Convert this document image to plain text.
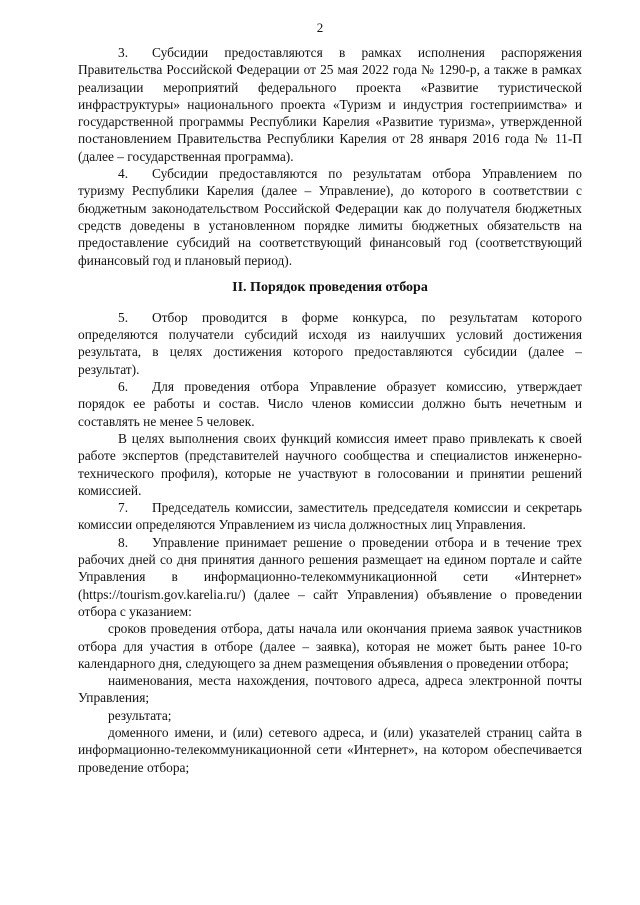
2

3. Субсидии предоставляются в рамках исполнения распоряжения Правительства Российской Федерации от 25 мая 2022 года № 1290-р, а также в рамках реализации мероприятий федерального проекта «Развитие туристической инфраструктуры» национального проекта «Туризм и индустрия гостеприимства» и государственной программы Республики Карелия «Развитие туризма», утвержденной постановлением Правительства Республики Карелия от 28 января 2016 года № 11-П (далее – государственная программа).

4. Субсидии предоставляются по результатам отбора Управлением по туризму Республики Карелия (далее – Управление), до которого в соответствии с бюджетным законодательством Российской Федерации как до получателя бюджетных средств доведены в установленном порядке лимиты бюджетных обязательств на предоставление субсидий на соответствующий финансовый год (соответствующий финансовый год и плановый период).

II. Порядок проведения отбора

5. Отбор проводится в форме конкурса, по результатам которого определяются получатели субсидий исходя из наилучших условий достижения результата, в целях достижения которого предоставляются субсидии (далее – результат).

6. Для проведения отбора Управление образует комиссию, утверждает порядок ее работы и состав. Число членов комиссии должно быть нечетным и составлять не менее 5 человек.

В целях выполнения своих функций комиссия имеет право привлекать к своей работе экспертов (представителей научного сообщества и специалистов инженерно-технического профиля), которые не участвуют в голосовании и принятии решений комиссией.

7. Председатель комиссии, заместитель председателя комиссии и секретарь комиссии определяются Управлением из числа должностных лиц Управления.

8. Управление принимает решение о проведении отбора и в течение трех рабочих дней со дня принятия данного решения размещает на едином портале и сайте Управления в информационно-телекоммуникационной сети «Интернет» (https://tourism.gov.karelia.ru/) (далее – сайт Управления) объявление о проведении отбора с указанием:

сроков проведения отбора, даты начала или окончания приема заявок участников отбора для участия в отборе (далее – заявка), которая не может быть ранее 10-го календарного дня, следующего за днем размещения объявления о проведении отбора;

наименования, места нахождения, почтового адреса, адреса электронной почты Управления;

результата;

доменного имени, и (или) сетевого адреса, и (или) указателей страниц сайта в информационно-телекоммуникационной сети «Интернет», на котором обеспечивается проведение отбора;
